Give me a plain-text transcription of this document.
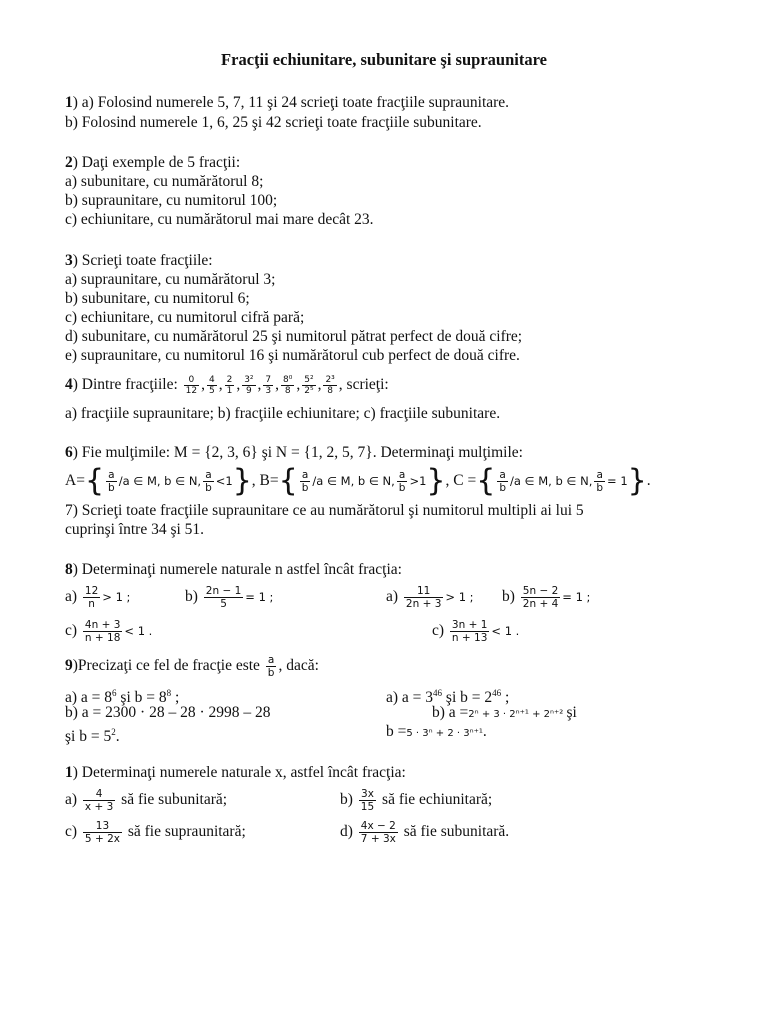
Fracţii echiunitare, subunitare şi supraunitare
1) a) Folosind numerele 5, 7, 11 şi 24 scrieţi toate fracţiile supraunitare.
b) Folosind numerele 1, 6, 25 şi 42 scrieţi toate fracţiile subunitare.
2) Daţi exemple de 5 fracţii:
a) subunitare, cu numărătorul 8;
b) supraunitare, cu numitorul 100;
c) echiunitare, cu numărătorul mai mare decât 23.
3) Scrieţi toate fracţiile:
a) supraunitare, cu numărătorul 3;
b) subunitare, cu numitorul 6;
c) echiunitare, cu numitorul cifră pară;
d) subunitare, cu numărătorul 25 şi numitorul pătrat perfect de două cifre;
e) supraunitare, cu numitorul 16 şi numărătorul cub perfect de două cifre.
4) Dintre fracţiile: $\frac{0}{12}$ , $\frac{4}{5}$ , $\frac{2}{1}$ , $\frac{\text{3²}}{9}$ , $\frac{7}{3}$ , $\frac{\text{8⁰}}{8}$ , $\frac{\text{5²}}{\text{2⁵}}$ , $\frac{\text{2³}}{8}$ , scrieţi:
a) fracţiile supraunitare; b) fracţiile echiunitare; c) fracţiile subunitare.
6) Fie mulţimile: M = {2, 3, 6} şi N = {1, 2, 5, 7}. Determinaţi mulţimile:
$A=\{ \frac{a}{b} /a$ ∈ M, b ∈ N, $\frac{a}{b} <1$}, $B=\{ \frac{a}{b} /a$ ∈ M, b ∈ N, $\frac{a}{b} >1$}, C ={ $\frac{a}{b} /a$ ∈ M, b ∈ N, $\frac{a}{b} = 1$}.
7) Scrieţi toate fracţiile supraunitare ce au numărătorul şi numitorul multipli ai lui 5
cuprinşi între 34 şi 51.
8) Determinaţi numerele naturale n astfel încât fracţia:
$a) \frac{12}{n} > 1$ ;	$b) \frac{2n - 1}{5} = 1$ ;	$a) \frac{11}{2n + 3} > 1$ ; $b) \frac{5n - 2}{2n + 4} = 1$ ;
$c) \frac{4n + 3}{n + 18} < 1$ .	$c) \frac{3n + 1}{n + 13} < 1$ .
9)Precizaţi ce fel de fracţie este $\frac{a}{b}$ , dacă:
a) $a = 8^6$ şi $b = 8^8$ ;	a) $a = 3^{46}$ şi $b = 2^{46}$ ;
b) a = 2300 · 28 – 28 · 2998 – 28	b) a =2ⁿ + 3 · 2ⁿ⁺¹ + 2ⁿ⁺² şi
şi $b = 5^2$.	b =5 · 3ⁿ + 2 · 3ⁿ⁺¹.
1) Determinaţi numerele naturale x, astfel încât fracţia:
$a) \frac{4}{x + 3}$ să fie subunitară;	$b) \frac{3x}{15}$ să fie echiunitară;
$c) \frac{13}{5 + 2x}$ să fie supraunitară;	$d) \frac{4x - 2}{7 + 3x}$ să fie subunitară.
